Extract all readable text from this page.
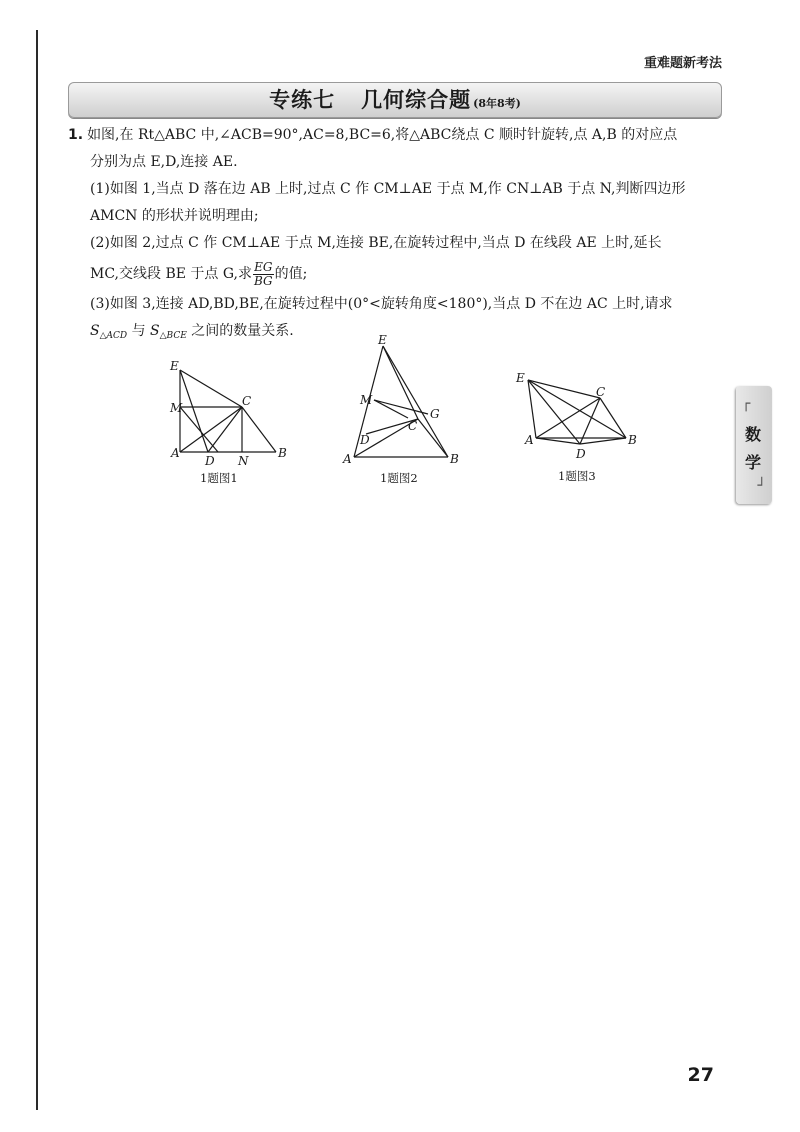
重难题新考法
专练七 几何综合题 (8年8考)
1. 如图,在 Rt△ABC 中,∠ACB=90°,AC=8,BC=6,将△ABC绕点 C 顺时针旋转,点 A,B 的对应点
分别为点 E,D,连接 AE.
(1)如图 1,当点 D 落在边 AB 上时,过点 C 作 CM⊥AE 于点 M,作 CN⊥AB 于点 N,判断四边形
AMCN 的形状并说明理由;
(2)如图 2,过点 C 作 CM⊥AE 于点 M,连接 BE,在旋转过程中,当点 D 在线段 AE 上时,延长
MC,交线段 BE 于点 G,求 $\frac{EG}{BG}$ 的值;
(3)如图 3,连接 AD,BD,BE,在旋转过程中(0°<旋转角度<180°),当点 D 不在边 AC 上时,请求
$S_{\triangle ACD}$ 与 $S_{\triangle BCE}$ 之间的数量关系.
E
M	C
A
D N
B
1题图1
E
M
G
C
D
A	B
1题图2
E
C
A
D
B
1题图3
┌
数
学
┘
27
